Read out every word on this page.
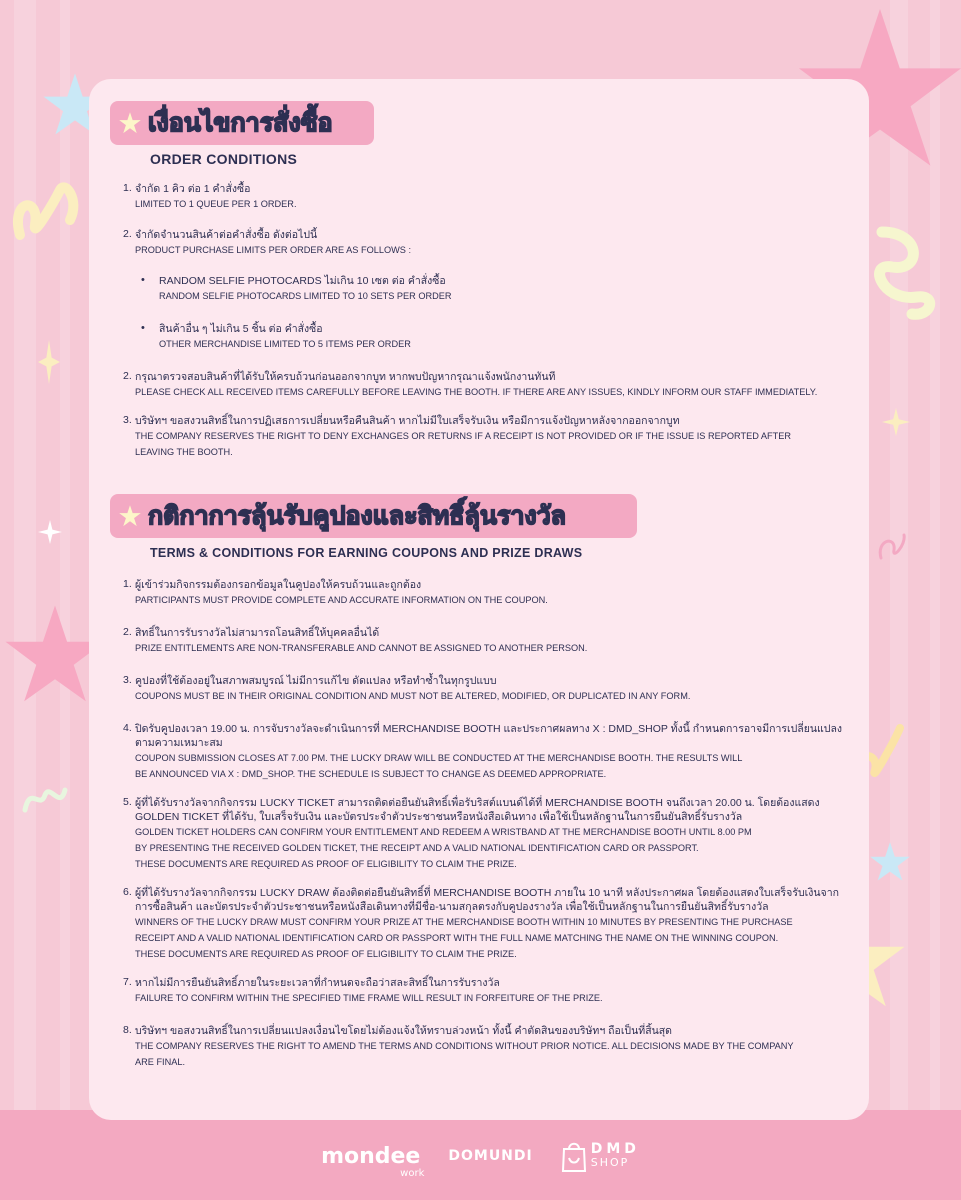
เงื่อนไขการสั่งซื้อ
ORDER CONDITIONS
1. จำกัด 1 คิว ต่อ 1 คำสั่งซื้อ
LIMITED TO 1 QUEUE PER 1 ORDER.
2. จำกัดจำนวนสินค้าต่อคำสั่งซื้อ ดังต่อไปนี้
PRODUCT PURCHASE LIMITS PER ORDER ARE AS FOLLOWS :
•	RANDOM SELFIE PHOTOCARDS ไม่เกิน 10 เซต ต่อ คำสั่งซื้อ
RANDOM SELFIE PHOTOCARDS LIMITED TO 10 SETS PER ORDER
•	สินค้าอื่น ๆ ไม่เกิน 5 ชิ้น ต่อ คำสั่งซื้อ
OTHER MERCHANDISE LIMITED TO 5 ITEMS PER ORDER
2. กรุณาตรวจสอบสินค้าที่ได้รับให้ครบถ้วนก่อนออกจากบูท หากพบปัญหากรุณาแจ้งพนักงานทันที
PLEASE CHECK ALL RECEIVED ITEMS CAREFULLY BEFORE LEAVING THE BOOTH. IF THERE ARE ANY ISSUES, KINDLY INFORM OUR STAFF IMMEDIATELY.
3. บริษัทฯ ขอสงวนสิทธิ์ในการปฏิเสธการเปลี่ยนหรือคืนสินค้า หากไม่มีใบเสร็จรับเงิน หรือมีการแจ้งปัญหาหลังจากออกจากบูท
THE COMPANY RESERVES THE RIGHT TO DENY EXCHANGES OR RETURNS IF A RECEIPT IS NOT PROVIDED OR IF THE ISSUE IS REPORTED AFTER
LEAVING THE BOOTH.
กติกาการลุ้นรับคูปองและสิทธิ์ลุ้นรางวัล
TERMS & CONDITIONS FOR EARNING COUPONS AND PRIZE DRAWS
1. ผู้เข้าร่วมกิจกรรมต้องกรอกข้อมูลในคูปองให้ครบถ้วนและถูกต้อง
PARTICIPANTS MUST PROVIDE COMPLETE AND ACCURATE INFORMATION ON THE COUPON.
2. สิทธิ์ในการรับรางวัลไม่สามารถโอนสิทธิ์ให้บุคคลอื่นได้
PRIZE ENTITLEMENTS ARE NON-TRANSFERABLE AND CANNOT BE ASSIGNED TO ANOTHER PERSON.
3. คูปองที่ใช้ต้องอยู่ในสภาพสมบูรณ์ ไม่มีการแก้ไข ดัดแปลง หรือทำซ้ำในทุกรูปแบบ
COUPONS MUST BE IN THEIR ORIGINAL CONDITION AND MUST NOT BE ALTERED, MODIFIED, OR DUPLICATED IN ANY FORM.
4. ปิดรับคูปองเวลา 19.00 น. การจับรางวัลจะดำเนินการที่ MERCHANDISE BOOTH และประกาศผลทาง X : DMD_SHOP ทั้งนี้ กำหนดการอาจมีการเปลี่ยนแปลง
ตามความเหมาะสม
COUPON SUBMISSION CLOSES AT 7.00 PM. THE LUCKY DRAW WILL BE CONDUCTED AT THE MERCHANDISE BOOTH. THE RESULTS WILL
BE ANNOUNCED VIA X : DMD_SHOP. THE SCHEDULE IS SUBJECT TO CHANGE AS DEEMED APPROPRIATE.
5. ผู้ที่ได้รับรางวัลจากกิจกรรม LUCKY TICKET สามารถติดต่อยืนยันสิทธิ์เพื่อรับริสต์แบนด์ได้ที่ MERCHANDISE BOOTH จนถึงเวลา 20.00 น. โดยต้องแสดง
GOLDEN TICKET ที่ได้รับ, ใบเสร็จรับเงิน และบัตรประจำตัวประชาชนหรือหนังสือเดินทาง เพื่อใช้เป็นหลักฐานในการยืนยันสิทธิ์รับรางวัล
GOLDEN TICKET HOLDERS CAN CONFIRM YOUR ENTITLEMENT AND REDEEM A WRISTBAND AT THE MERCHANDISE BOOTH UNTIL 8.00 PM
BY PRESENTING THE RECEIVED GOLDEN TICKET, THE RECEIPT AND A VALID NATIONAL IDENTIFICATION CARD OR PASSPORT.
THESE DOCUMENTS ARE REQUIRED AS PROOF OF ELIGIBILITY TO CLAIM THE PRIZE.
6. ผู้ที่ได้รับรางวัลจากกิจกรรม LUCKY DRAW ต้องติดต่อยืนยันสิทธิ์ที่ MERCHANDISE BOOTH ภายใน 10 นาที หลังประกาศผล โดยต้องแสดงใบเสร็จรับเงินจาก
การซื้อสินค้า และบัตรประจำตัวประชาชนหรือหนังสือเดินทางที่มีชื่อ-นามสกุลตรงกับคูปองรางวัล เพื่อใช้เป็นหลักฐานในการยืนยันสิทธิ์รับรางวัล
WINNERS OF THE LUCKY DRAW MUST CONFIRM YOUR PRIZE AT THE MERCHANDISE BOOTH WITHIN 10 MINUTES BY PRESENTING THE PURCHASE
RECEIPT AND A VALID NATIONAL IDENTIFICATION CARD OR PASSPORT WITH THE FULL NAME MATCHING THE NAME ON THE WINNING COUPON.
THESE DOCUMENTS ARE REQUIRED AS PROOF OF ELIGIBILITY TO CLAIM THE PRIZE.
7. หากไม่มีการยืนยันสิทธิ์ภายในระยะเวลาที่กำหนดจะถือว่าสละสิทธิ์ในการรับรางวัล
FAILURE TO CONFIRM WITHIN THE SPECIFIED TIME FRAME WILL RESULT IN FORFEITURE OF THE PRIZE.
8. บริษัทฯ ขอสงวนสิทธิ์ในการเปลี่ยนแปลงเงื่อนไขโดยไม่ต้องแจ้งให้ทราบล่วงหน้า ทั้งนี้ คำตัดสินของบริษัทฯ ถือเป็นที่สิ้นสุด
THE COMPANY RESERVES THE RIGHT TO AMEND THE TERMS AND CONDITIONS WITHOUT PRIOR NOTICE. ALL DECISIONS MADE BY THE COMPANY
ARE FINAL.
mondee
work
DOMUNDI	DMD
SHOP
